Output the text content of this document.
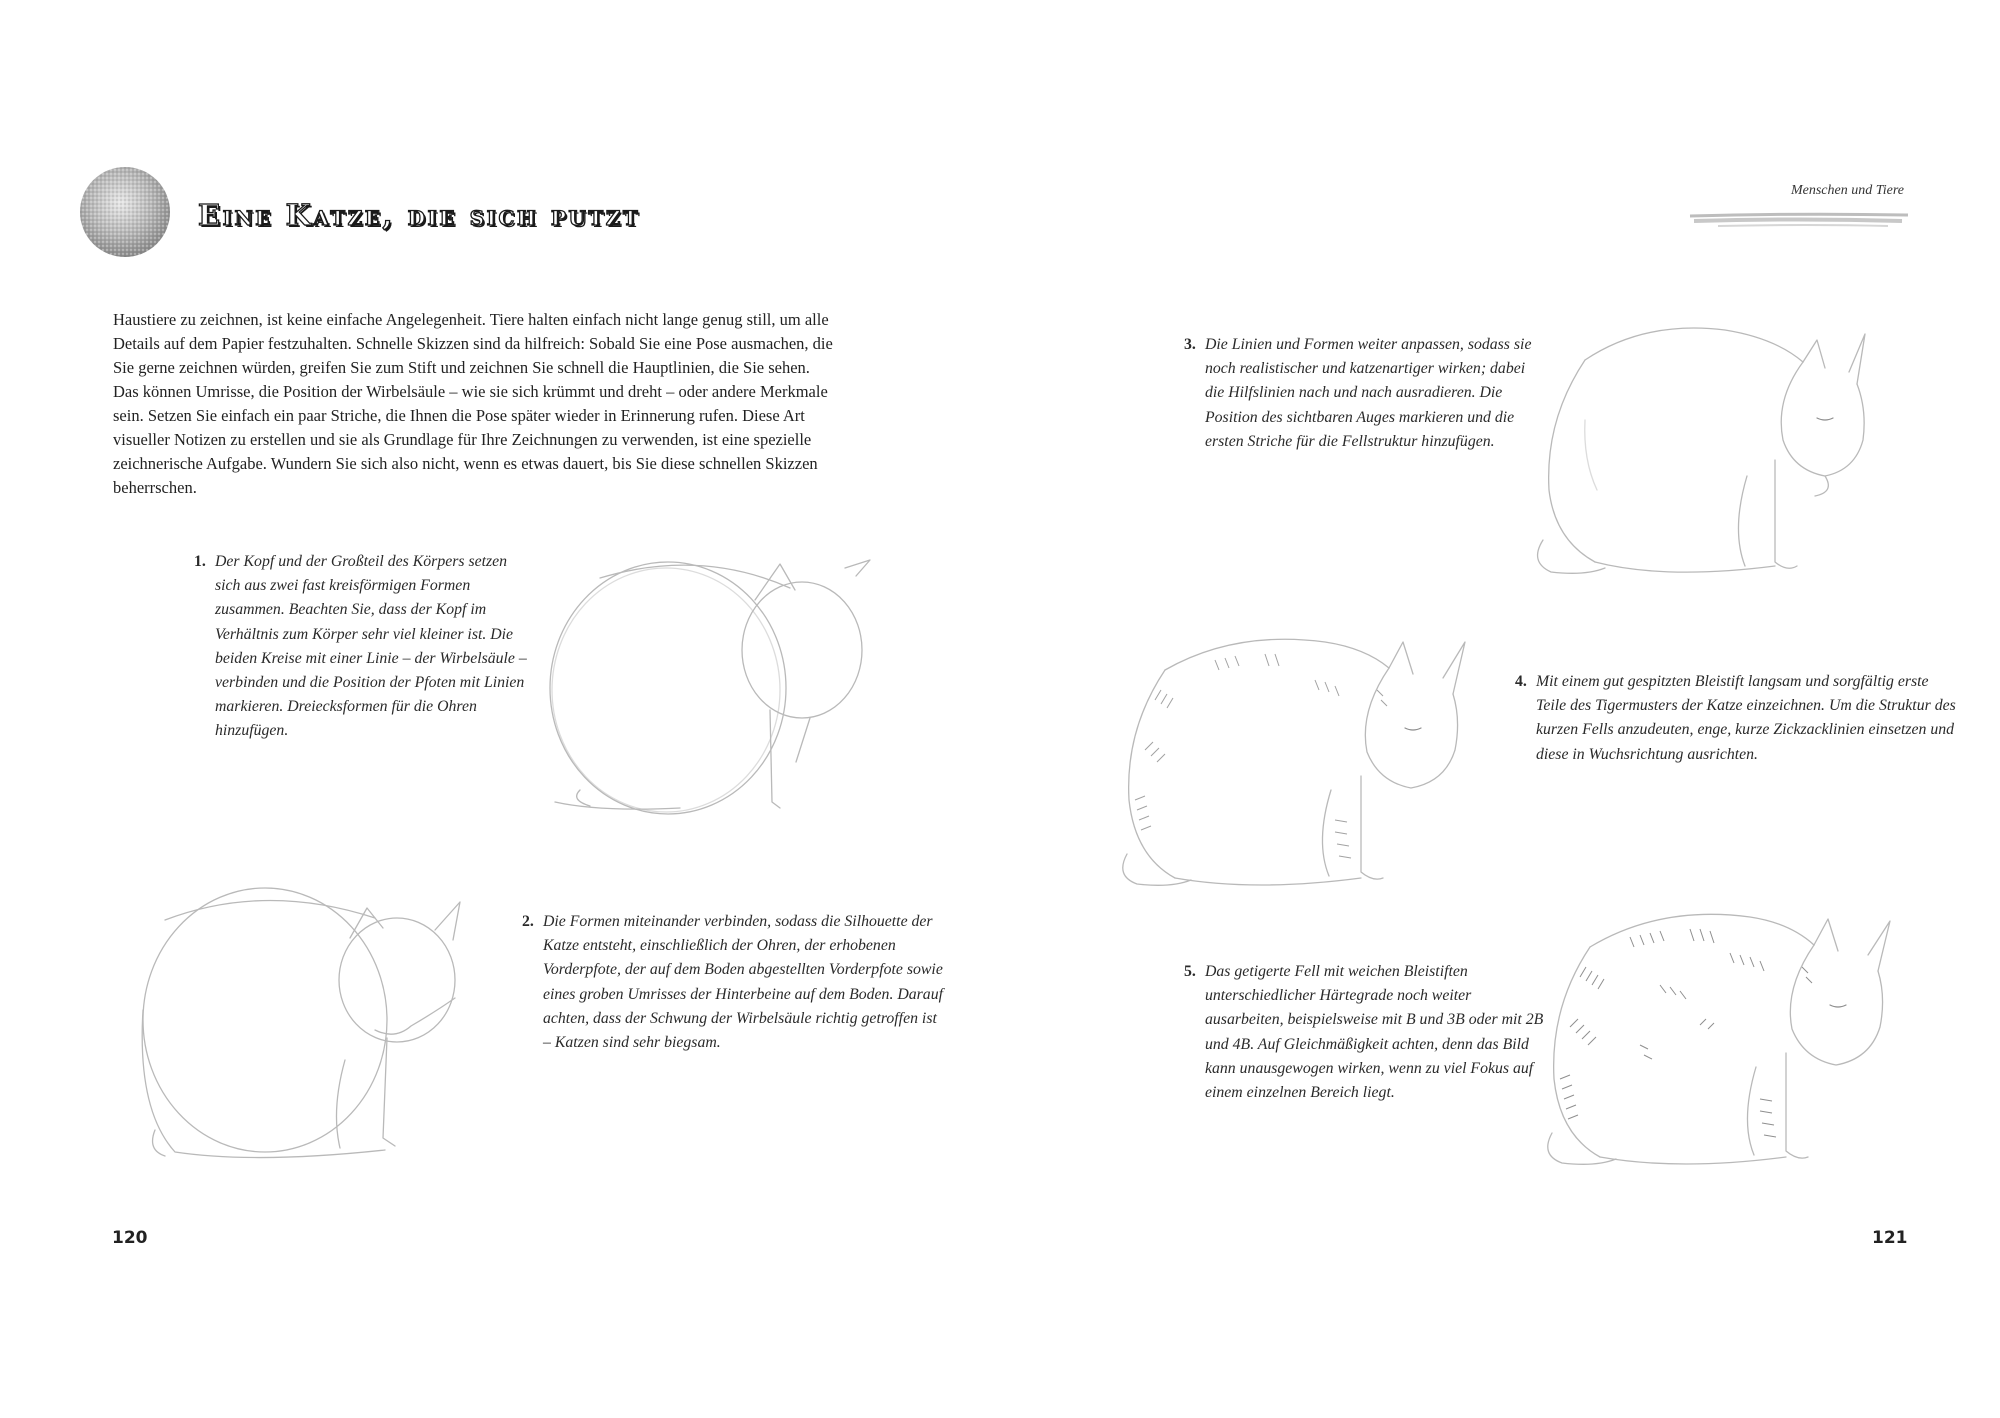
Eine Katze, die sich putzt
Menschen und Tiere

Haustiere zu zeichnen, ist keine einfache Angelegenheit. Tiere halten einfach nicht lange genug still, um alle Details auf dem Papier festzuhalten. Schnelle Skizzen sind da hilfreich: Sobald Sie eine Pose ausmachen, die Sie gerne zeichnen würden, greifen Sie zum Stift und zeichnen Sie schnell die Hauptlinien, die Sie sehen. Das können Umrisse, die Position der Wirbelsäule – wie sie sich krümmt und dreht – oder andere Merkmale sein. Setzen Sie einfach ein paar Striche, die Ihnen die Pose später wieder in Erinnerung rufen. Diese Art visueller Notizen zu erstellen und sie als Grundlage für Ihre Zeichnungen zu verwenden, ist eine spezielle zeichnerische Aufgabe. Wundern Sie sich also nicht, wenn es etwas dauert, bis Sie diese schnellen Skizzen beherrschen.

1. Der Kopf und der Großteil des Körpers setzen sich aus zwei fast kreisförmigen Formen zusammen. Beachten Sie, dass der Kopf im Verhältnis zum Körper sehr viel kleiner ist. Die beiden Kreise mit einer Linie – der Wirbelsäule – verbinden und die Position der Pfoten mit Linien markieren. Dreiecksformen für die Ohren hinzufügen.
2. Die Formen miteinander verbinden, sodass die Silhouette der Katze entsteht, einschließlich der Ohren, der erhobenen Vorderpfote, der auf dem Boden abgestellten Vorderpfote sowie eines groben Umrisses der Hinterbeine auf dem Boden. Darauf achten, dass der Schwung der Wirbelsäule richtig getroffen ist – Katzen sind sehr biegsam.
3. Die Linien und Formen weiter anpassen, sodass sie noch realistischer und katzenartiger wirken; dabei die Hilfslinien nach und nach ausradieren. Die Position des sichtbaren Auges markieren und die ersten Striche für die Fellstruktur hinzufügen.
4. Mit einem gut gespitzten Bleistift langsam und sorgfältig erste Teile des Tigermusters der Katze einzeichnen. Um die Struktur des kurzen Fells anzudeuten, enge, kurze Zickzacklinien einsetzen und diese in Wuchsrichtung ausrichten.
5. Das getigerte Fell mit weichen Bleistiften unterschiedlicher Härtegrade noch weiter ausarbeiten, beispielsweise mit B und 3B oder mit 2B und 4B. Auf Gleichmäßigkeit achten, denn das Bild kann unausgewogen wirken, wenn zu viel Fokus auf einem einzelnen Bereich liegt.
120	121
